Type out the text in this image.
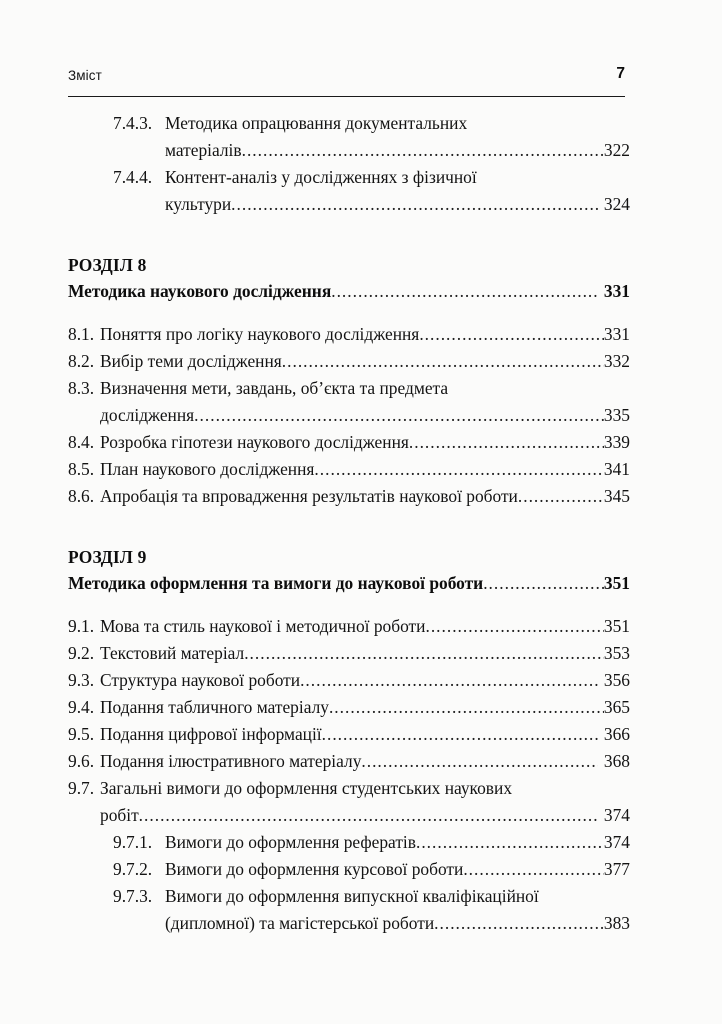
Зміст	7
7.4.3. Методика опрацювання документальних
матеріалів .....	322
7.4.4. Контент-аналіз у дослідженнях з фізичної
культури .....	324
РОЗДІЛ 8
Методика наукового дослідження .....	331
8.1. Поняття про логіку наукового дослідження .....	331
8.2. Вибір теми дослідження .....	332
8.3. Визначення мети, завдань, об’єкта та предмета
дослідження .....	335
8.4. Розробка гіпотези наукового дослідження .....	339
8.5. План наукового дослідження .....	341
8.6. Апробація та впровадження результатів наукової роботи .....	345
РОЗДІЛ 9
Методика оформлення та вимоги до наукової роботи .....	351
9.1. Мова та стиль наукової і методичної роботи .....	351
9.2. Текстовий матеріал .....	353
9.3. Структура наукової роботи .....	356
9.4. Подання табличного матеріалу .....	365
9.5. Подання цифрової інформації .....	366
9.6. Подання ілюстративного матеріалу .....	368
9.7. Загальні вимоги до оформлення студентських наукових
робіт .....	374
9.7.1. Вимоги до оформлення рефератів .....	374
9.7.2. Вимоги до оформлення курсової роботи .....	377
9.7.3. Вимоги до оформлення випускної кваліфікаційної
(дипломної) та магістерської роботи .....	383
